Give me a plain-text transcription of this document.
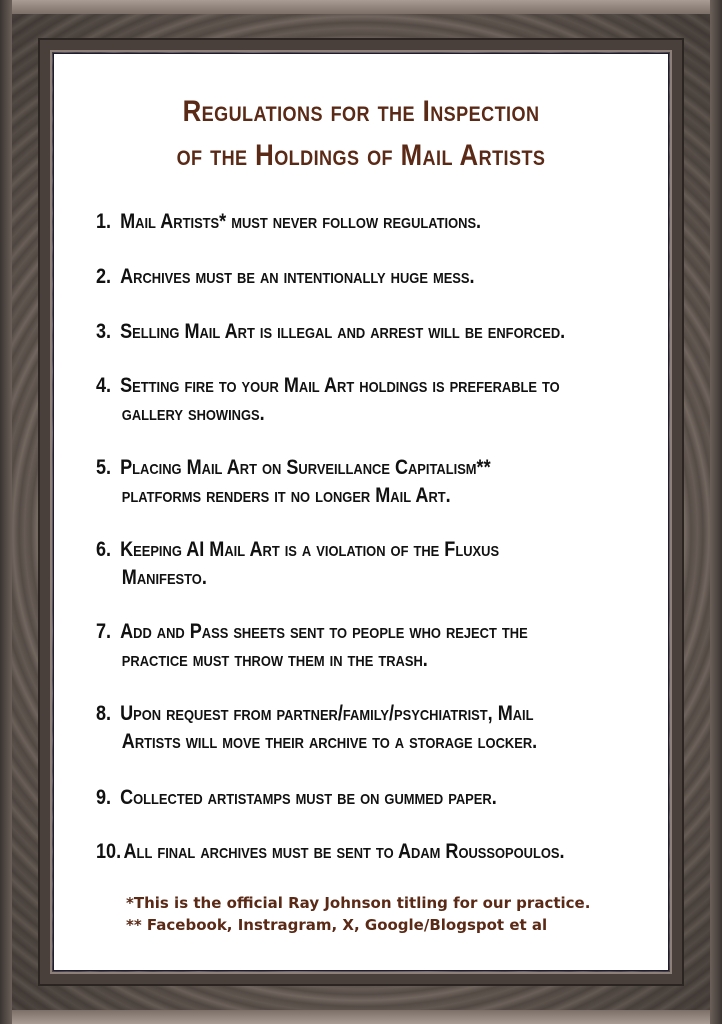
Regulations for the Inspection
of the Holdings of Mail Artists
1. Mail Artists* must never follow regulations.
2. Archives must be an intentionally huge mess.
3. Selling Mail Art is illegal and arrest will be enforced.
4. Setting fire to your Mail Art holdings is preferable to
gallery showings.
5. Placing Mail Art on Surveillance Capitalism**
platforms renders it no longer Mail Art.
6. Keeping AI Mail Art is a violation of the Fluxus
Manifesto.
7. Add and Pass sheets sent to people who reject the
practice must throw them in the trash.
8. Upon request from partner/family/psychiatrist, Mail
Artists will move their archive to a storage locker.
9. Collected artistamps must be on gummed paper.
10. All final archives must be sent to Adam Roussopoulos.
*This is the official Ray Johnson titling for our practice.
** Facebook, Instragram, X, Google/Blogspot et al
